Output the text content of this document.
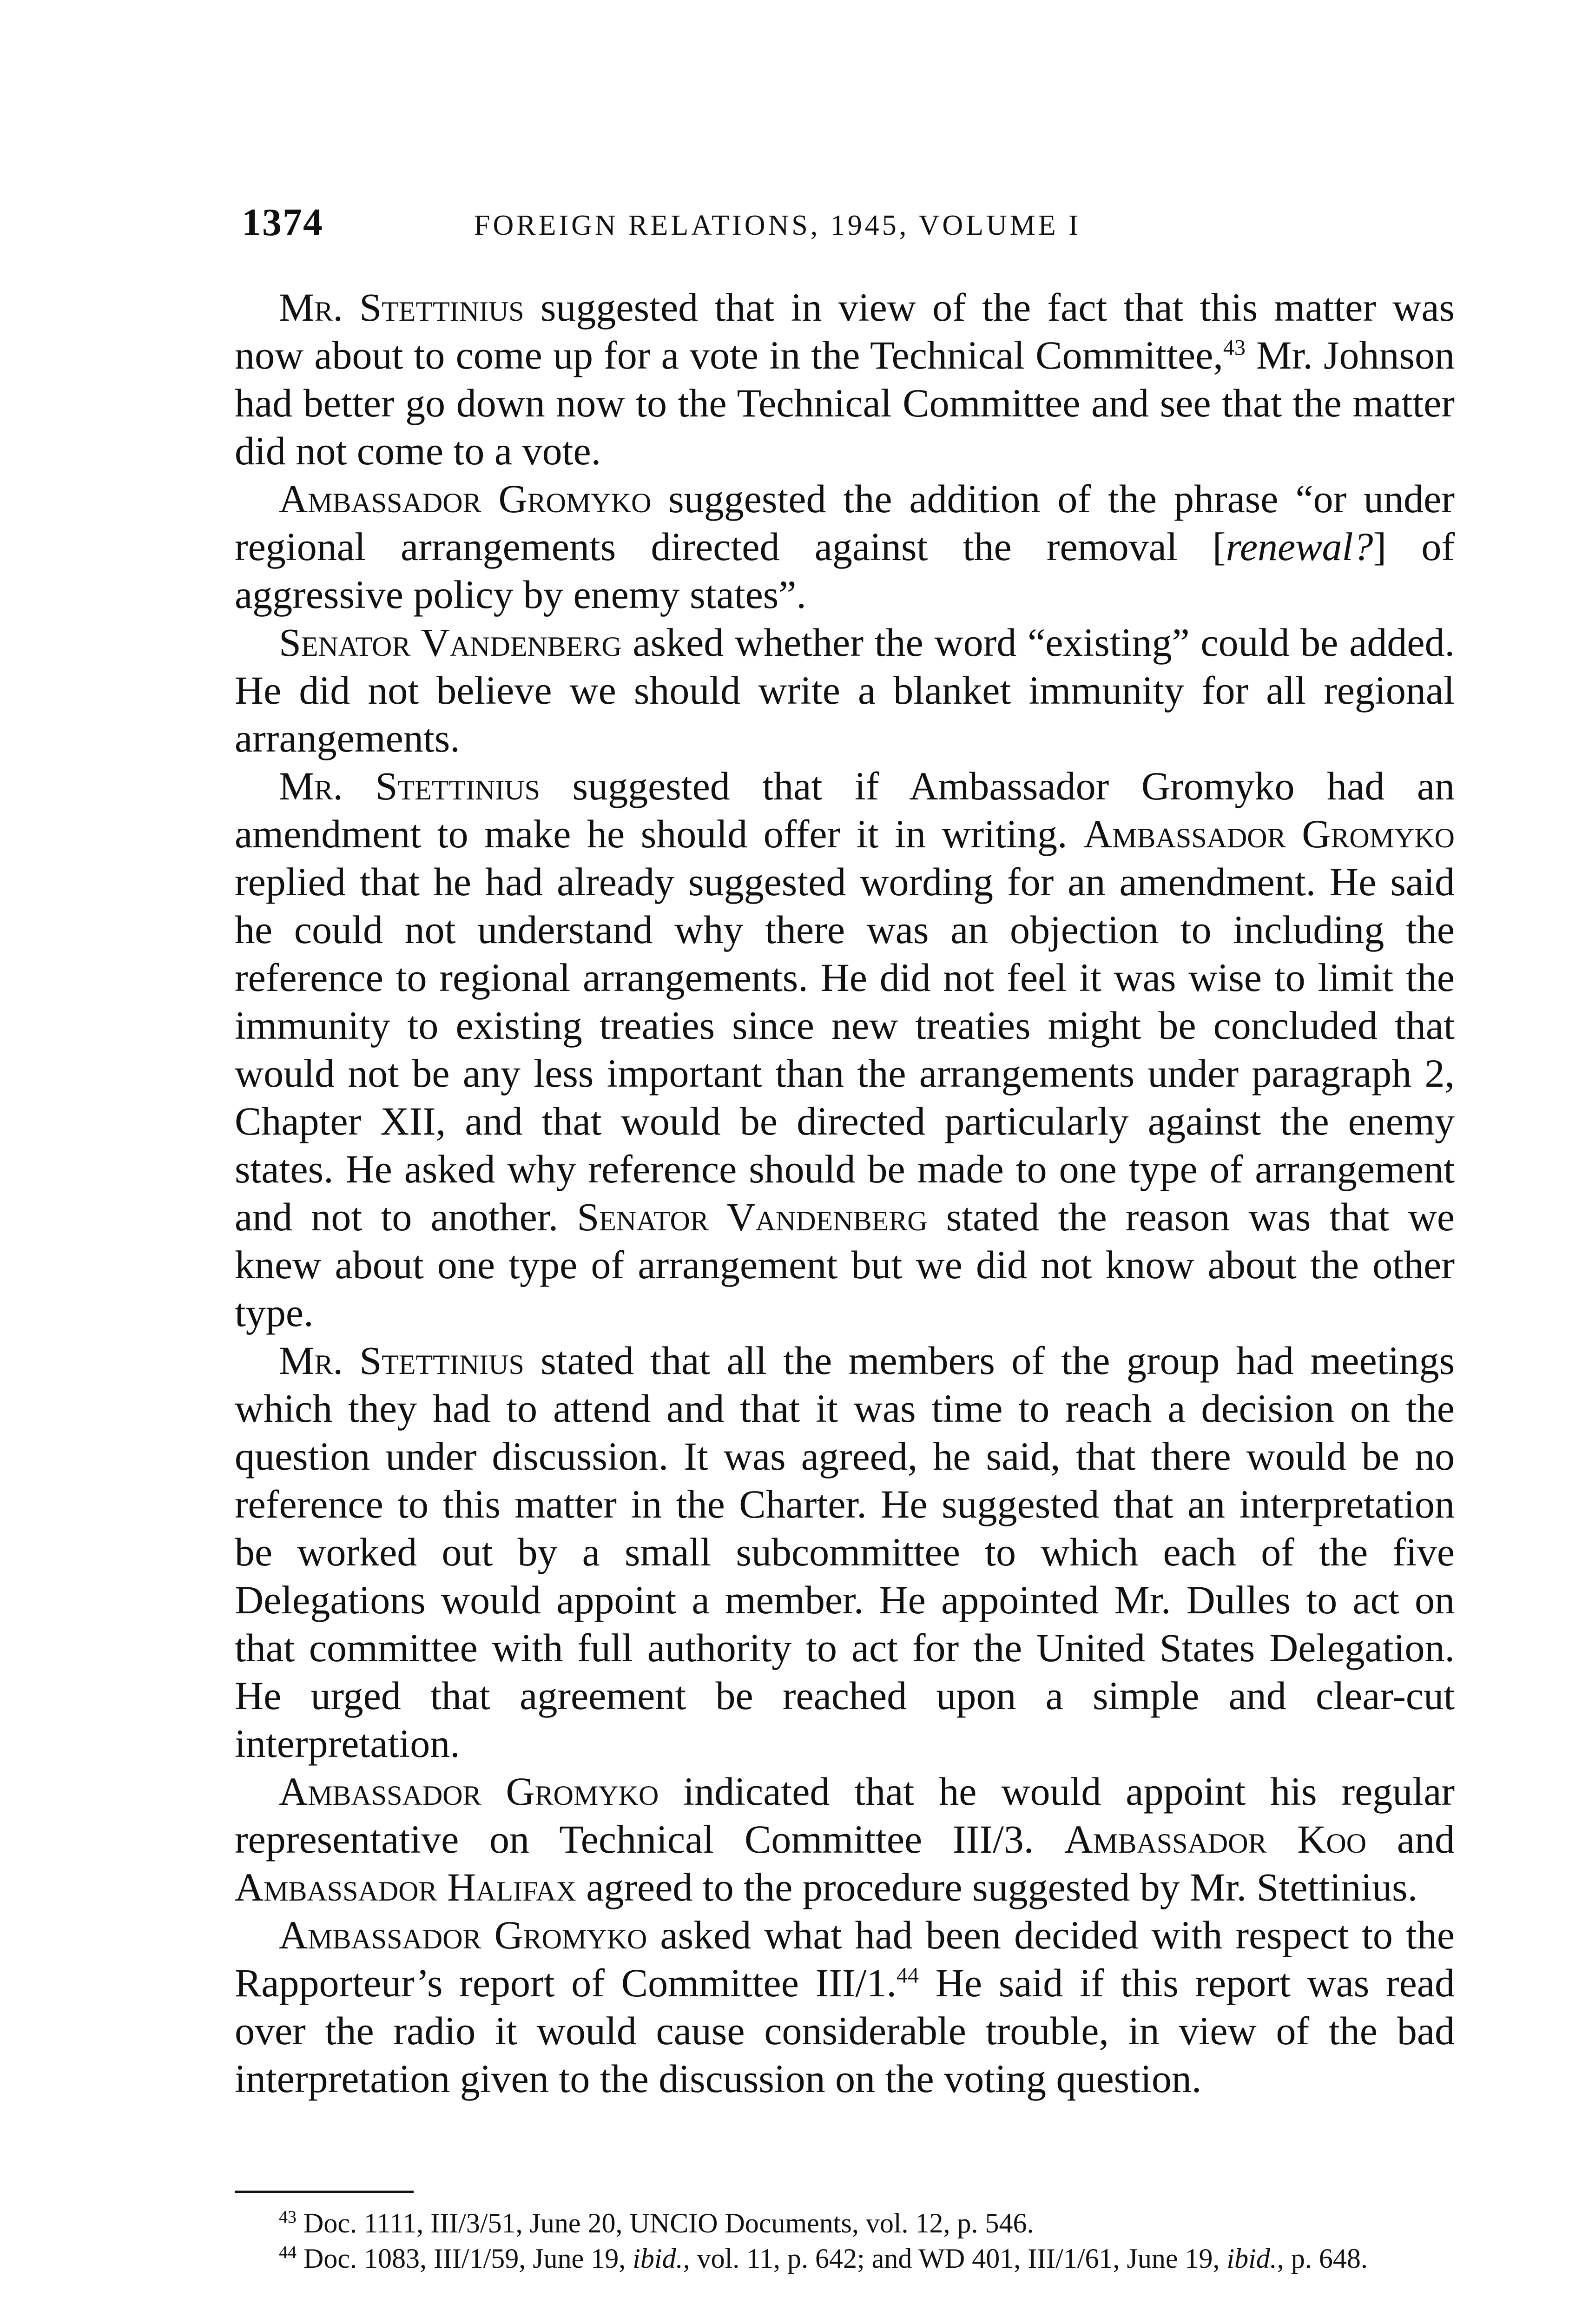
1374	FOREIGN RELATIONS, 1945, VOLUME I

Mr. Stettinius suggested that in view of the fact that this matter was now about to come up for a vote in the Technical Committee,$^{43}$ Mr. Johnson had better go down now to the Technical Committee and see that the matter did not come to a vote.

Ambassador Gromyko suggested the addition of the phrase “or under regional arrangements directed against the removal [renewal?] of aggressive policy by enemy states”.

Senator Vandenberg asked whether the word “existing” could be added. He did not believe we should write a blanket immunity for all regional arrangements.

Mr. Stettinius suggested that if Ambassador Gromyko had an amendment to make he should offer it in writing. Ambassador Gromyko replied that he had already suggested wording for an amendment. He said he could not understand why there was an objection to including the reference to regional arrangements. He did not feel it was wise to limit the immunity to existing treaties since new treaties might be concluded that would not be any less important than the arrangements under paragraph 2, Chapter XII, and that would be directed particularly against the enemy states. He asked why reference should be made to one type of arrangement and not to another. Senator Vandenberg stated the reason was that we knew about one type of arrangement but we did not know about the other type.

Mr. Stettinius stated that all the members of the group had meetings which they had to attend and that it was time to reach a decision on the question under discussion. It was agreed, he said, that there would be no reference to this matter in the Charter. He suggested that an interpretation be worked out by a small subcommittee to which each of the five Delegations would appoint a member. He appointed Mr. Dulles to act on that committee with full authority to act for the United States Delegation. He urged that agreement be reached upon a simple and clear-cut interpretation.

Ambassador Gromyko indicated that he would appoint his regular representative on Technical Committee III/3. Ambassador Koo and Ambassador Halifax agreed to the procedure suggested by Mr. Stettinius.

Ambassador Gromyko asked what had been decided with respect to the Rapporteur’s report of Committee III/1.44 He said if this report was read over the radio it would cause considerable trouble, in view of the bad interpretation given to the discussion on the voting question.

$^{43}$ Doc. 1111, III/3/51, June 20, UNCIO Documents, vol. 12, p. 546.

$^{44}$ Doc. 1083, III/1/59, June 19, ibid., vol. 11, p. 642; and WD 401, III/1/61, June 19, ibid., p. 648.
